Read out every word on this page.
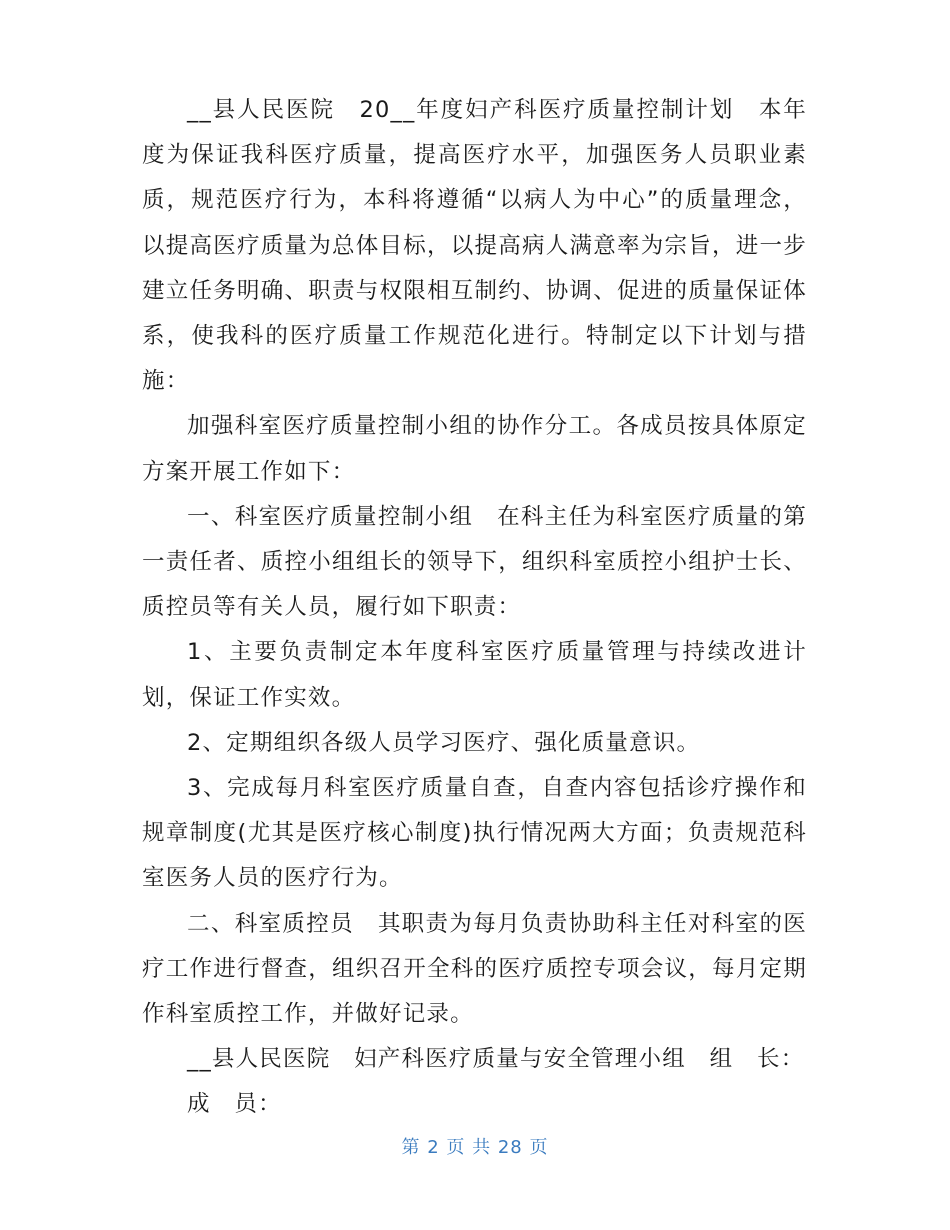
__县人民医院　20__年度妇产科医疗质量控制计划　本年度为保证我科医疗质量，提高医疗水平，加强医务人员职业素质，规范医疗行为，本科将遵循“以病人为中心”的质量理念，以提高医疗质量为总体目标，以提高病人满意率为宗旨，进一步建立任务明确、职责与权限相互制约、协调、促进的质量保证体系，使我科的医疗质量工作规范化进行。特制定以下计划与措施：

加强科室医疗质量控制小组的协作分工。各成员按具体原定方案开展工作如下：

一、科室医疗质量控制小组　在科主任为科室医疗质量的第一责任者、质控小组组长的领导下，组织科室质控小组护士长、质控员等有关人员，履行如下职责：

1、主要负责制定本年度科室医疗质量管理与持续改进计划，保证工作实效。

2、定期组织各级人员学习医疗、强化质量意识。

3、完成每月科室医疗质量自查，自查内容包括诊疗操作和规章制度(尤其是医疗核心制度)执行情况两大方面；负责规范科室医务人员的医疗行为。

二、科室质控员　其职责为每月负责协助科主任对科室的医疗工作进行督查，组织召开全科的医疗质控专项会议，每月定期作科室质控工作，并做好记录。

__县人民医院　妇产科医疗质量与安全管理小组　组　长：

成　员：

第 2 页 共 28 页
